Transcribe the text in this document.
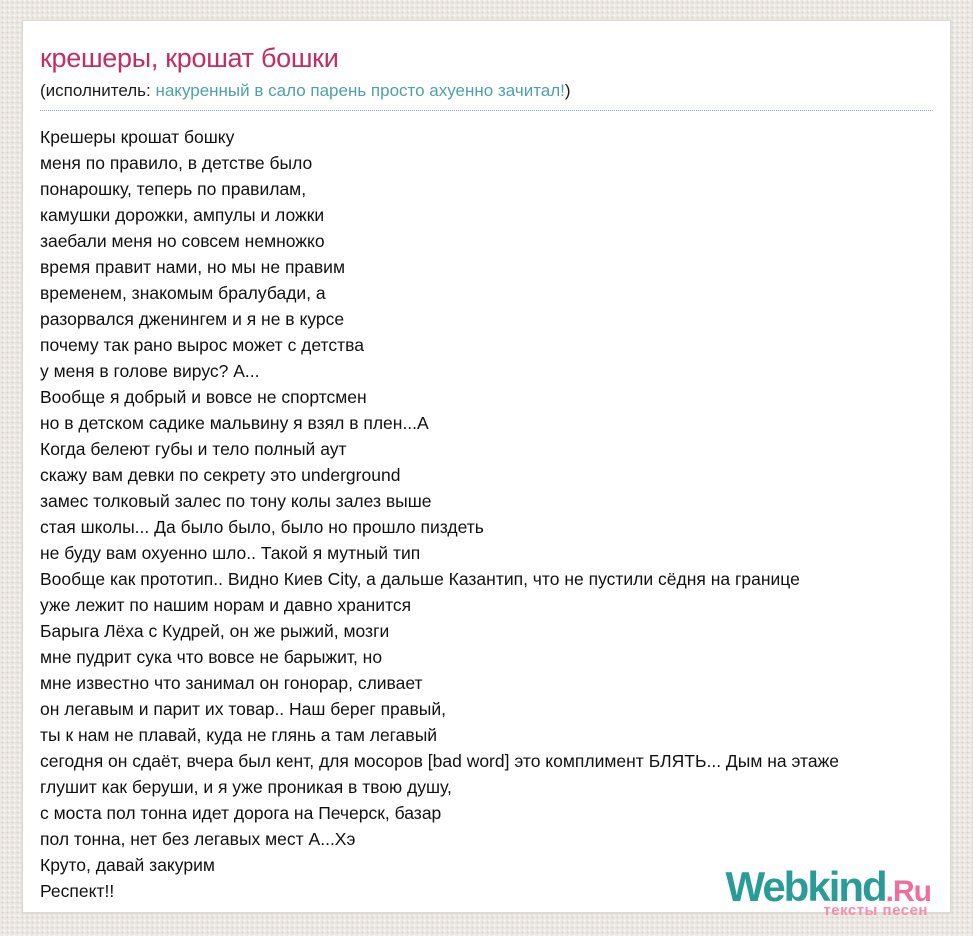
крешеры, крошат бошки
(исполнитель: накуренный в сало парень просто ахуенно зачитал!)
Крешеры крошат бошку
меня по правило, в детстве было
понарошку, теперь по правилам,
камушки дорожки, ампулы и ложки
заебали меня но совсем немножко
время правит нами, но мы не правим
временем, знакомым бралубади, а
разорвался дженингем и я не в курсе
почему так рано вырос может с детства
у меня в голове вирус? А...
Вообще я добрый и вовсе не спортсмен
но в детском садике мальвину я взял в плен...А
Когда белеют губы и тело полный аут
скажу вам девки по секрету это underground
замес толковый залес по тону колы залез выше
стая школы... Да было было, было но прошло пиздеть
не буду вам охуенно шло.. Такой я мутный тип
Вообще как прототип.. Видно Киев City, а дальше Казантип, что не пустили сёдня на границе
уже лежит по нашим норам и давно хранится
Барыга Лёха с Кудрей, он же рыжий, мозги
мне пудрит сука что вовсе не барыжит, но
мне известно что занимал он гонорар, сливает
он легавым и парит их товар.. Наш берег правый,
ты к нам не плавай, куда не глянь а там легавый
сегодня он сдаёт, вчера был кент, для мосоров [bad word] это комплимент БЛЯТЬ... Дым на этаже
глушит как беруши, и я уже проникая в твою душу,
с моста пол тонна идет дорога на Печерск, базар
пол тонна, нет без легавых мест А...Хэ
Круто, давай закурим
Респект!!	Webkind.Ru
тексты песен
